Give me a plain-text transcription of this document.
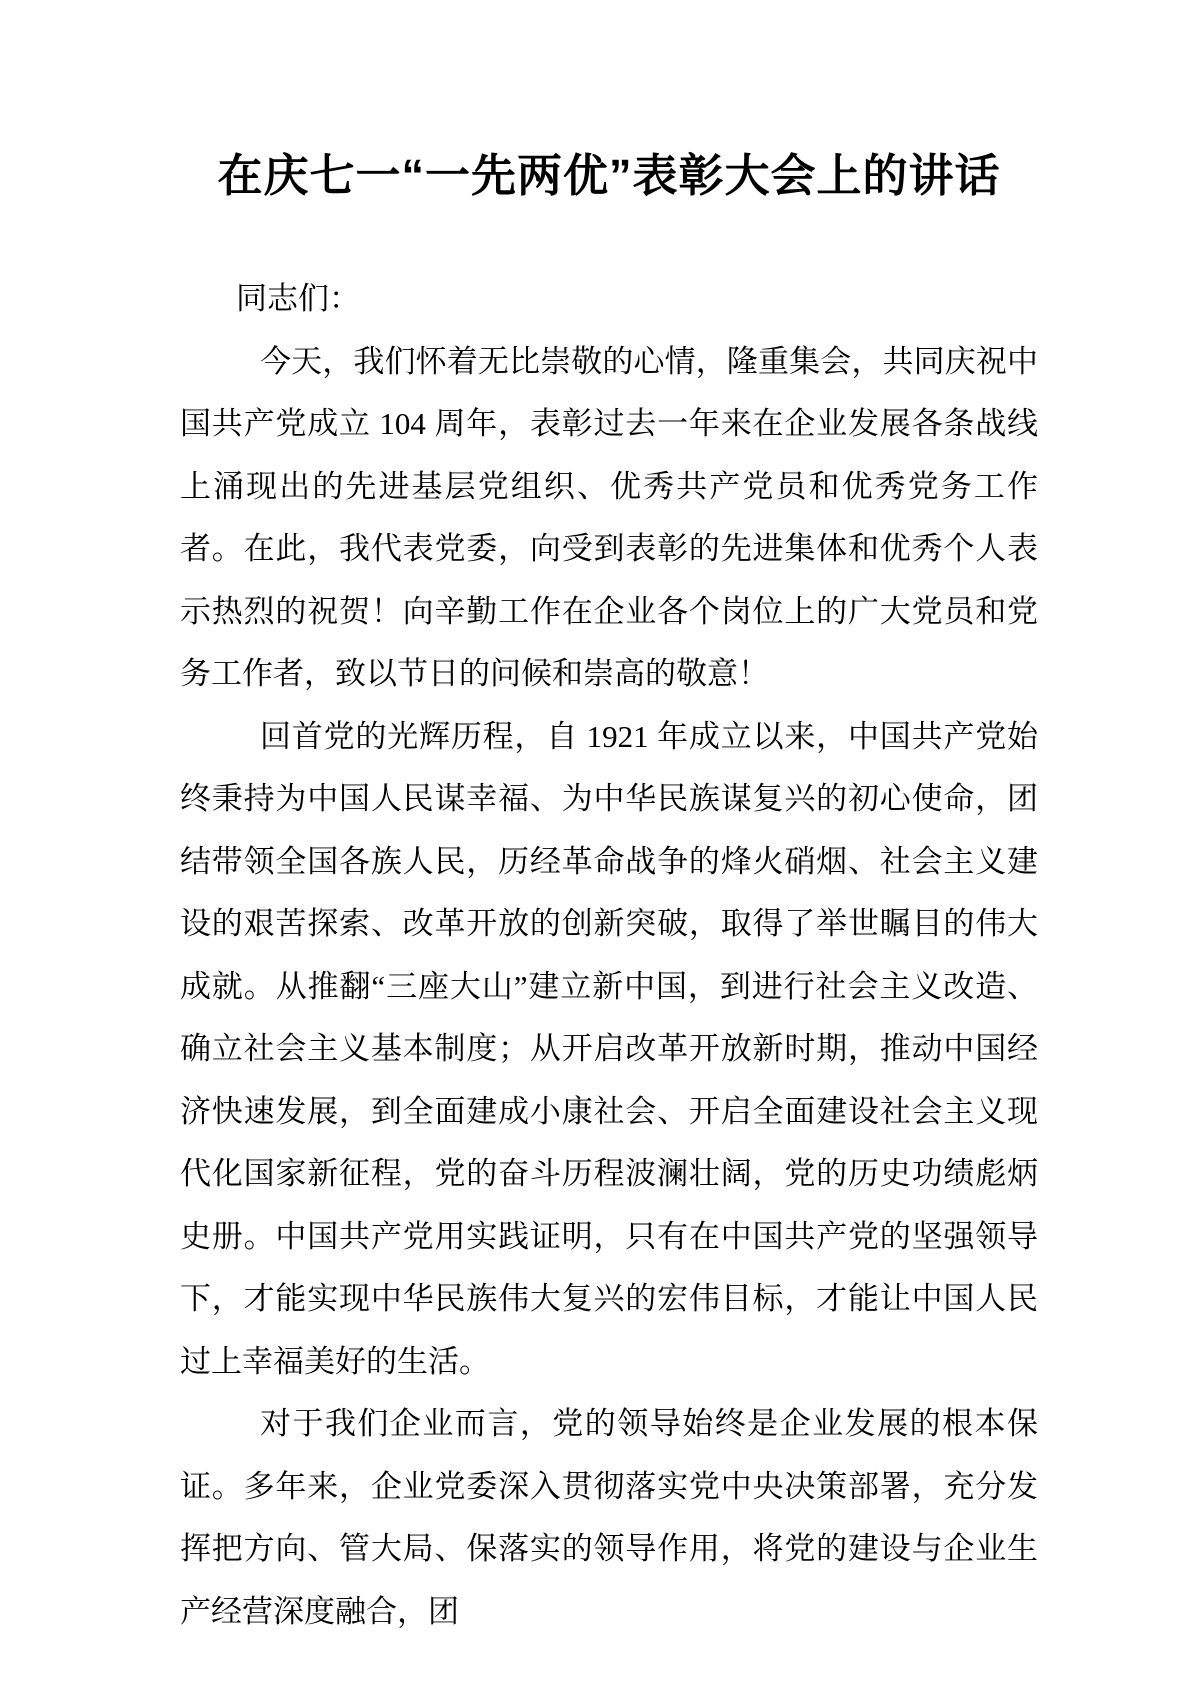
在庆七一“一先两优”表彰大会上的讲话

同志们：

今天，我们怀着无比崇敬的心情，隆重集会，共同庆祝中国共产党成立 104 周年，表彰过去一年来在企业发展各条战线上涌现出的先进基层党组织、优秀共产党员和优秀党务工作者。在此，我代表党委，向受到表彰的先进集体和优秀个人表示热烈的祝贺！向辛勤工作在企业各个岗位上的广大党员和党务工作者，致以节日的问候和崇高的敬意！

回首党的光辉历程，自 1921 年成立以来，中国共产党始终秉持为中国人民谋幸福、为中华民族谋复兴的初心使命，团结带领全国各族人民，历经革命战争的烽火硝烟、社会主义建设的艰苦探索、改革开放的创新突破，取得了举世瞩目的伟大成就。从推翻“三座大山”建立新中国，到进行社会主义改造、确立社会主义基本制度；从开启改革开放新时期，推动中国经济快速发展，到全面建成小康社会、开启全面建设社会主义现代化国家新征程，党的奋斗历程波澜壮阔，党的历史功绩彪炳史册。中国共产党用实践证明，只有在中国共产党的坚强领导下，才能实现中华民族伟大复兴的宏伟目标，才能让中国人民过上幸福美好的生活。

对于我们企业而言，党的领导始终是企业发展的根本保证。多年来，企业党委深入贯彻落实党中央决策部署，充分发挥把方向、管大局、保落实的领导作用，将党的建设与企业生产经营深度融合，团
